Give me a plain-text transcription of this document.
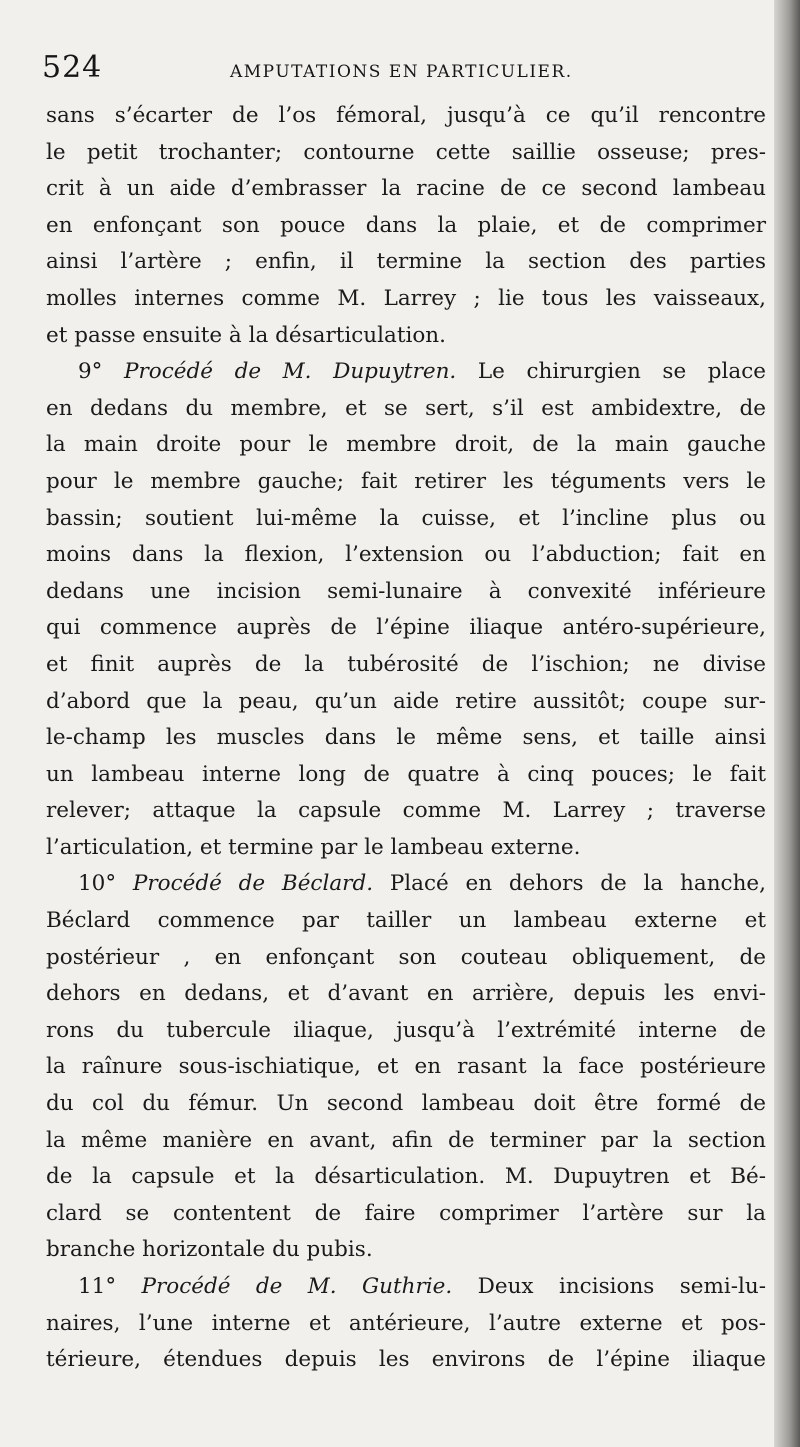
524	AMPUTATIONS EN PARTICULIER.
sans s’écarter de l’os fémoral, jusqu’à ce qu’il rencontre
le petit trochanter; contourne cette saillie osseuse; pres-
crit à un aide d’embrasser la racine de ce second lambeau
en enfonçant son pouce dans la plaie, et de comprimer
ainsi l’artère ; enfin, il termine la section des parties
molles internes comme M. Larrey ; lie tous les vaisseaux,
et passe ensuite à la désarticulation.
9° Procédé de M. Dupuytren. Le chirurgien se place
en dedans du membre, et se sert, s’il est ambidextre, de
la main droite pour le membre droit, de la main gauche
pour le membre gauche; fait retirer les téguments vers le
bassin; soutient lui-même la cuisse, et l’incline plus ou
moins dans la flexion, l’extension ou l’abduction; fait en
dedans une incision semi-lunaire à convexité inférieure
qui commence auprès de l’épine iliaque antéro-supérieure,
et finit auprès de la tubérosité de l’ischion; ne divise
d’abord que la peau, qu’un aide retire aussitôt; coupe sur-
le-champ les muscles dans le même sens, et taille ainsi
un lambeau interne long de quatre à cinq pouces; le fait
relever; attaque la capsule comme M. Larrey ; traverse
l’articulation, et termine par le lambeau externe.
10° Procédé de Béclard. Placé en dehors de la hanche,
Béclard commence par tailler un lambeau externe et
postérieur , en enfonçant son couteau obliquement, de
dehors en dedans, et d’avant en arrière, depuis les envi-
rons du tubercule iliaque, jusqu’à l’extrémité interne de
la raînure sous-ischiatique, et en rasant la face postérieure
du col du fémur. Un second lambeau doit être formé de
la même manière en avant, afin de terminer par la section
de la capsule et la désarticulation. M. Dupuytren et Bé-
clard se contentent de faire comprimer l’artère sur la
branche horizontale du pubis.
11° Procédé de M. Guthrie. Deux incisions semi-lu-
naires, l’une interne et antérieure, l’autre externe et pos-
térieure, étendues depuis les environs de l’épine iliaque
